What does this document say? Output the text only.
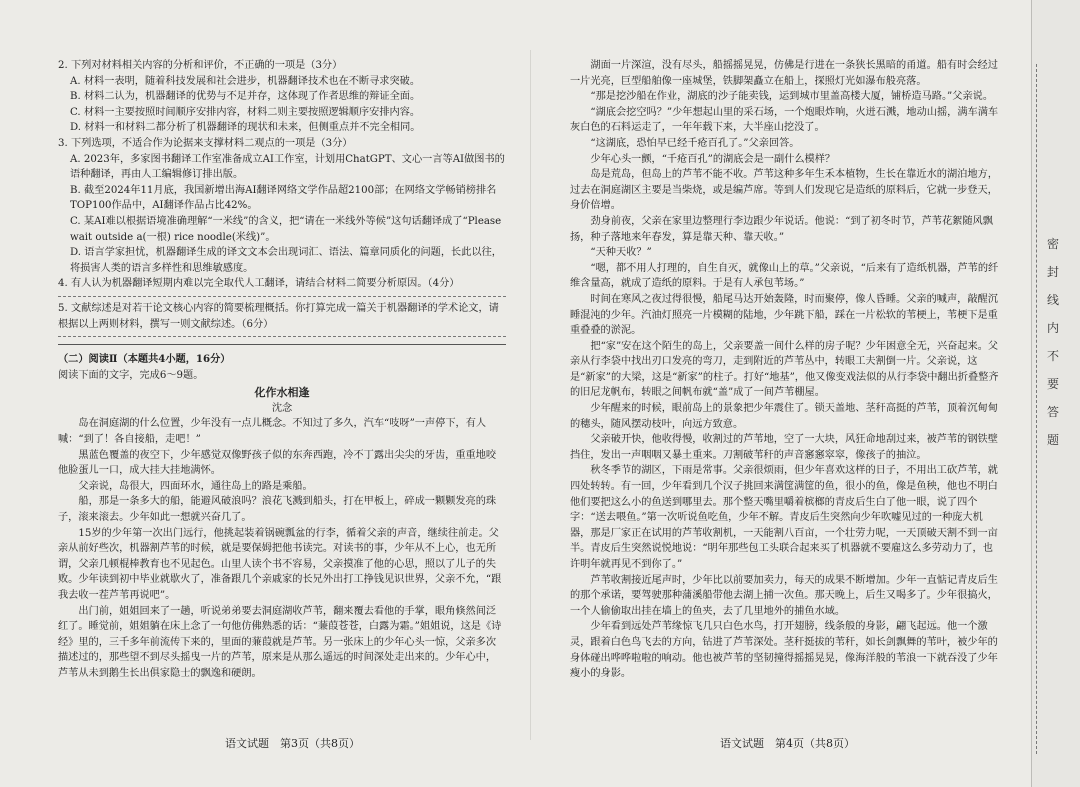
2. 下列对材料相关内容的分析和评价，不正确的一项是（3分）

A. 材料一表明，随着科技发展和社会进步，机器翻译技术也在不断寻求突破。

B. 材料二认为，机器翻译的优势与不足并存，这体现了作者思维的辩证全面。

C. 材料一主要按照时间顺序安排内容，材料二则主要按照逻辑顺序安排内容。

D. 材料一和材料二都分析了机器翻译的现状和未来，但侧重点并不完全相同。

3. 下列选项，不适合作为论据来支撑材料二观点的一项是（3分）

A. 2023年，多家图书翻译工作室准备成立AI工作室，计划用ChatGPT、文心一言等AI做图书的语种翻译，再由人工编辑修订排出版。

B. 截至2024年11月底，我国新增出海AI翻译网络文学作品超2100部；在网络文学畅销榜排名TOP100作品中，AI翻译作品占比42%。

C. 某AI难以根据语境准确理解“一米线”的含义，把“请在一米线外等候”这句话翻译成了“Please wait outside a(一根) rice noodle(米线)”。

D. 语言学家担忧，机器翻译生成的译文文本会出现词汇、语法、篇章同质化的问题，长此以往，将损害人类的语言多样性和思维敏感度。

4. 有人认为机器翻译短期内难以完全取代人工翻译，请结合材料二简要分析原因。（4分）

5. 文献综述是对若干论文核心内容的简要梳理概括。你打算完成一篇关于机器翻译的学术论文，请根据以上两则材料，撰写一则文献综述。（6分）

（二）阅读Ⅱ（本题共4小题，16分）

阅读下面的文字，完成6～9题。

化作水相逢

沈念

岛在洞庭湖的什么位置，少年没有一点儿概念。不知过了多久，汽车“吱呀”一声停下，有人喊：“到了！各自接船，走吧！”

黑蓝色覆盖的夜空下，少年感觉双像野孩子似的东奔西跑，冷不丁露出尖尖的牙齿，重重地咬他脸蛋儿一口，成大挂大挂地满怀。

父亲说，岛很大，四面环水，通往岛上的路是乘船。

船，那是一条多大的船，能避风破浪吗？浪花飞溅到船头，打在甲板上，碎成一颗颗发亮的珠子，滚来滚去。少年如此一想就兴奋几了。

15岁的少年第一次出门远行，他挑起装着锅碗瓢盆的行李，循着父亲的声音，继续往前走。父亲从前好些次，机器割芦苇的时候，就是要保姆把他书读完。对读书的事，少年从不上心，也无所谓，父亲几顿棍棒教育也不见起色。山里人读个书不容易，父亲摸准了他的心思，照以了儿子的失败。少年读到初中毕业就歇火了，准备跟几个亲戚家的长兄外出打工挣钱见识世界，父亲不允，“跟我去收一茬芦苇再说吧”。

出门前，姐姐回来了一趟，听说弟弟要去洞庭湖收芦苇，翻来覆去看他的手掌，眼角倏然间泛红了。睡觉前，姐姐躺在床上念了一句他仿佛熟悉的话：“蒹葭苍苍，白露为霜。”姐姐说，这是《诗经》里的，三千多年前流传下来的，里面的蒹葭就是芦苇。另一张床上的少年心头一惊，父亲多次描述过的，那些望不到尽头摇曳一片的芦苇，原来是从那么遥远的时间深处走出来的。少年心中，芦苇从未到鹅生长出俱家隐士的飘逸和硬朗。

湖面一片深渲，没有尽头，船摇摇晃晃，仿佛是行进在一条狭长黑暗的甬道。船有时会经过一片光亮，巨型船舶像一座城堡，铁脚架矗立在船上，探照灯光如瀑布般亮落。

“那是挖沙船在作业，湖底的沙子能卖钱，运到城市里盖高楼大厦，铺桥造马路。”父亲说。

“湖底会挖空吗？”少年想起山里的采石场，一个炮眼炸响，火迸石溅，地动山摇，满车满车灰白色的石料运走了，一年年载下来，大半座山挖没了。

“这湖底，恐怕早已经千疮百孔了。”父亲回答。

少年心头一颤，“千疮百孔”的湖底会是一副什么模样？

岛是荒岛，但岛上的芦苇不能不收。芦苇这种多年生禾本植物，生长在靠近水的湖泊地方，过去在洞庭湖区主要是当柴烧，或是编芦席。等到人们发现它是造纸的原料后，它就一步登天，身价倍增。

劲身前夜，父亲在家里边整理行李边跟少年说话。他说：“到了初冬时节，芦苇花絮随风飘扬，种子落地来年春发，算是靠天种、靠天收。”

“天种天收？”

“嗯，都不用人打理的，自生自灭，就像山上的草。”父亲说，“后来有了造纸机器，芦苇的纤维含量高，就成了造纸的原料。于是有人承包苇场。”

时间在寒风之夜过得很慢，船尾马达开始轰隆，时而聚停，像人昏睡。父亲的喊声，敲醒沉睡混沌的少年。汽油灯照亮一片模糊的陆地，少年跳下船，踩在一片松软的苇梗上，苇梗下是重重叠叠的淤泥。

把“家”安在这个陌生的岛上，父亲要盖一间什么样的房子呢？少年困意全无，兴奋起来。父亲从行李袋中找出刃口发亮的弯刀，走到附近的芦苇丛中，转眼工夫割倒一片。父亲说，这是“新家”的大梁，这是“新家”的柱子。打好“地基”，他又像变戏法似的从行李袋中翻出折叠整齐的旧尼龙帆布，转眼之间帆布就“盖”成了一间芦苇棚屋。

少年醒来的时候，眼前岛上的景象把少年震住了。锁天盖地、茎秆高挺的芦苇，顶着沉甸甸的穗头，随风摆动枝叶，向远方致意。

父亲破开快，他收得慢，收割过的芦苇地，空了一大块，风狂命地刮过来，被芦苇的钢铁壁挡住，发出一声咽咽又暴土重来。刀割破苇秆的声音窸窸窣窣，像孩子的抽泣。

秋冬季节的湖区，下雨是常事。父亲很烦雨，但少年喜欢这样的日子，不用出工砍芦苇，就四处转转。有一回，少年看到几个汉子挑回来满筐满筐的鱼，很小的鱼，像是鱼秧，他也不明白他们要把这么小的鱼送到哪里去。那个整天嘴里嚼着槟榔的青皮后生白了他一眼，说了四个字：“送去喂鱼。”第一次听说鱼吃鱼，少年不解。青皮后生突然向少年吹嘘见过的一种庞大机器，那是厂家正在试用的芦苇收割机，一天能割八百亩，一个壮劳力呢，一天顶破天割不到一亩半。青皮后生突然说悦地说：“明年那些包工头联合起来买了机器就不要雇这么多劳动力了，也许明年就再见不到你了。”

芦苇收割接近尾声时，少年比以前要加卖力，每天的成果不断增加。少年一直惦记青皮后生的那个承诺，要驾驶那种蒲溪船带他去湖上捕一次鱼。那天晚上，后生又喝多了。少年很搞火，一个人偷偷取出挂在墙上的鱼夹，去了几里地外的捕鱼水域。

少年看到远处芦苇缘惊飞几只白色水鸟，打开翅膀，线条般的身影，翩飞起远。他一个激灵，跟着白色鸟飞去的方向，钻进了芦苇深处。茎秆挺拔的苇秆，如长剑飘舞的苇叶，被少年的身体碰出哗哗啦啦的响动。他也被芦苇的坚韧撞得摇摇晃晃，像海洋般的苇浪一下就吞没了少年瘦小的身影。

语文试题　第3页（共8页）	语文试题　第4页（共8页）
密
封
线
内
不
要
答
题
